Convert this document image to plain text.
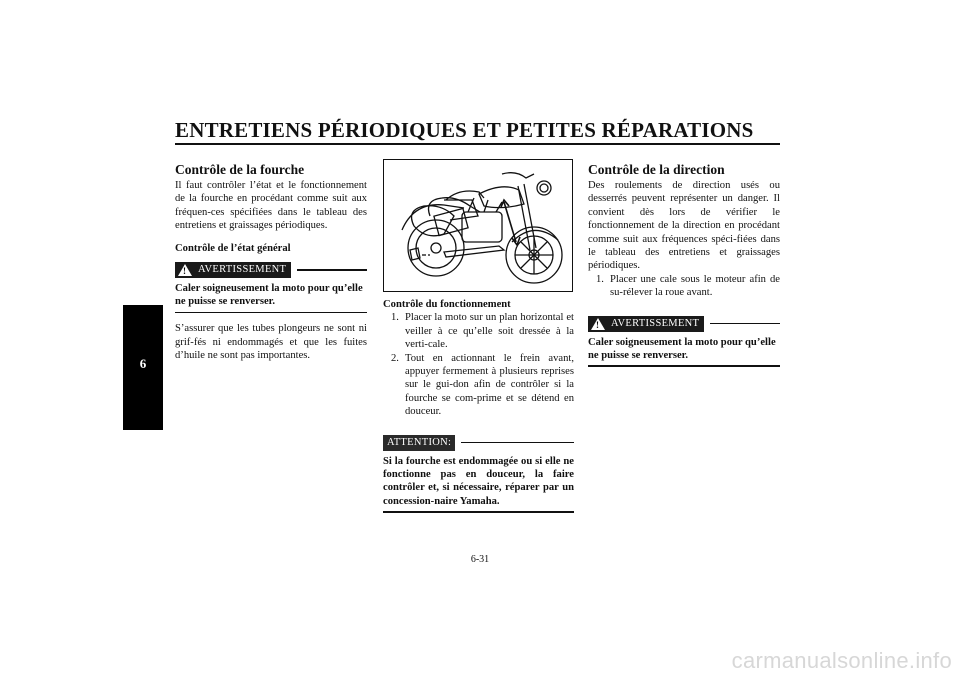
ENTRETIENS PÉRIODIQUES ET PETITES RÉPARATIONS
6
Contrôle de la fourche

Il faut contrôler l’état et le fonctionnement de la fourche en procédant comme suit aux fréquen-ces spécifiées dans le tableau des entretiens et graissages périodiques.

Contrôle de l’état général
! AVERTISSEMENT

Caler soigneusement la moto pour qu’elle ne puisse se renverser.

S’assurer que les tubes plongeurs ne sont ni grif-fés ni endommagés et que les fuites d’huile ne sont pas importantes.

Contrôle du fonctionnement
1. Placer la moto sur un plan horizontal et veiller à ce qu’elle soit dressée à la verti-cale.
2. Tout en actionnant le frein avant, appuyer fermement à plusieurs reprises sur le gui-don afin de contrôler si la fourche se com-prime et se détend en douceur.
ATTENTION:

Si la fourche est endommagée ou si elle ne fonctionne pas en douceur, la faire contrôler et, si nécessaire, réparer par un concession-naire Yamaha.

Contrôle de la direction

Des roulements de direction usés ou desserrés peuvent représenter un danger. Il convient dès lors de vérifier le fonctionnement de la direction en procédant comme suit aux fréquences spéci-fiées dans le tableau des entretiens et graissages périodiques.

1. Placer une cale sous le moteur afin de su-rélever la roue avant.
! AVERTISSEMENT

Caler soigneusement la moto pour qu’elle ne puisse se renverser.

6-31
carmanualsonline.info
